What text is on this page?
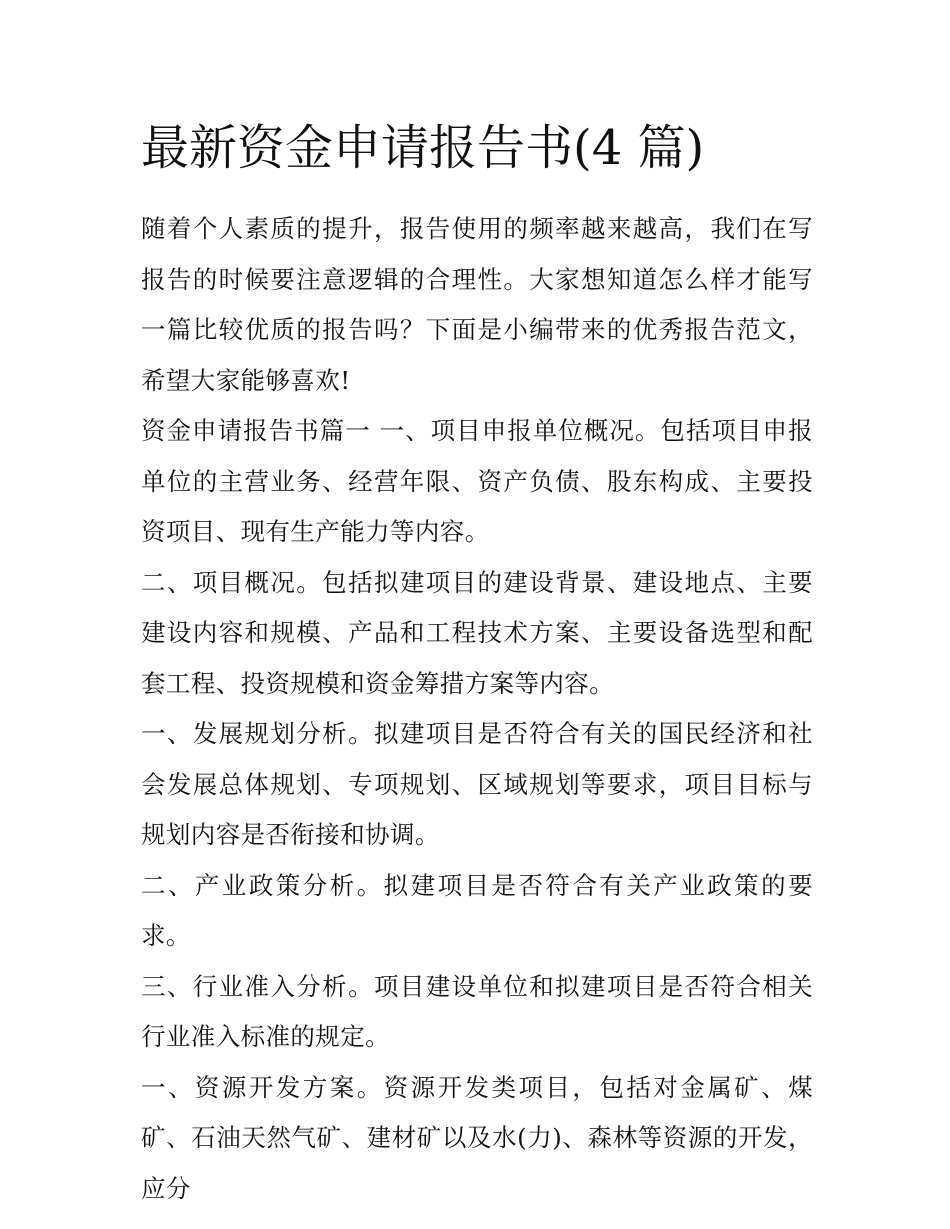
最新资金申请报告书(4 篇)

随着个人素质的提升，报告使用的频率越来越高，我们在写报告的时候要注意逻辑的合理性。大家想知道怎么样才能写一篇比较优质的报告吗？下面是小编带来的优秀报告范文，希望大家能够喜欢!

资金申请报告书篇一 一、项目申报单位概况。包括项目申报单位的主营业务、经营年限、资产负债、股东构成、主要投资项目、现有生产能力等内容。

二、项目概况。包括拟建项目的建设背景、建设地点、主要建设内容和规模、产品和工程技术方案、主要设备选型和配套工程、投资规模和资金筹措方案等内容。

一、发展规划分析。拟建项目是否符合有关的国民经济和社会发展总体规划、专项规划、区域规划等要求，项目目标与规划内容是否衔接和协调。

二、产业政策分析。拟建项目是否符合有关产业政策的要求。

三、行业准入分析。项目建设单位和拟建项目是否符合相关行业准入标准的规定。

一、资源开发方案。资源开发类项目，包括对金属矿、煤矿、石油天然气矿、建材矿以及水(力)、森林等资源的开发，应分
